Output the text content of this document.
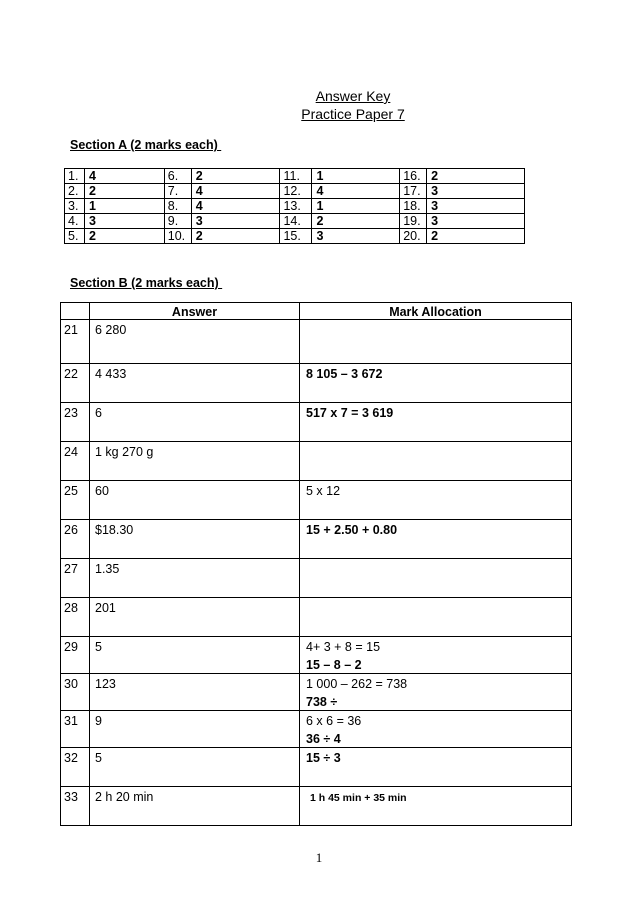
Answer Key
Practice Paper 7
Section A (2 marks each)
1.	4	6.	2	11.	1	16.	2
2.	2	7.	4	12.	4	17.	3
3.	1	8.	4	13.	1	18.	3
4.	3	9.	3	14.	2	19.	3
5.	2	10.	2	15.	3	20.	2
Section B (2 marks each)
	Answer	Mark Allocation
21	6 280	
22	4 433	8 105 – 3 672
23	6	517 x 7 = 3 619
24	1 kg 270 g	
25	60	5 x 12
26	$18.30	15 + 2.50 + 0.80
27	1.35	
28	201	
29	5	4+ 3 + 8 = 15
15 – 8 – 2

30	123	1 000 – 262 = 738
738 ÷

31	9	6 x 6 = 36
36 ÷ 4

32	5	15 ÷ 3
33	2 h 20 min	1 h 45 min + 35 min
1
